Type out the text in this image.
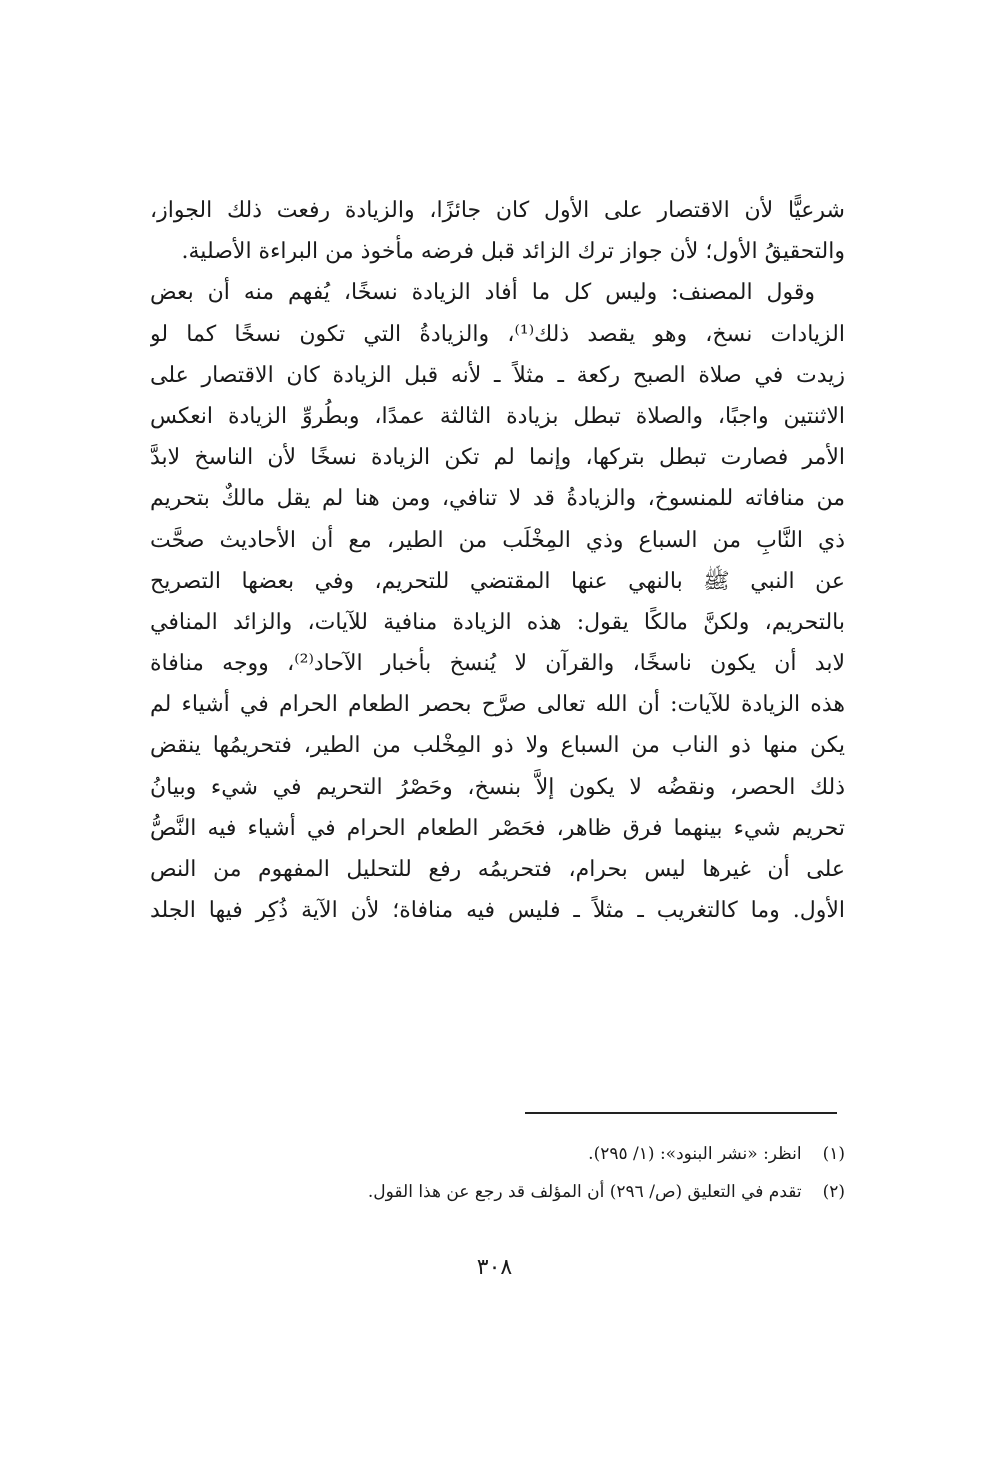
شرعيًّا لأن الاقتصار على الأول كان جائزًا، والزيادة رفعت ذلك الجواز،
والتحقيقُ الأول؛ لأن جواز ترك الزائد قبل فرضه مأخوذ من البراءة الأصلية.
وقول المصنف: وليس كل ما أفاد الزيادة نسخًا، يُفهم منه أن بعض
الزيادات نسخ، وهو يقصد ذلك⁽¹⁾، والزيادةُ التي تكون نسخًا كما لو
زيدت في صلاة الصبح ركعة ـ مثلاً ـ لأنه قبل الزيادة كان الاقتصار على
الاثنتين واجبًا، والصلاة تبطل بزيادة الثالثة عمدًا، وبطُروِّ الزيادة انعكس
الأمر فصارت تبطل بتركها، وإنما لم تكن الزيادة نسخًا لأن الناسخ لابدَّ
من منافاته للمنسوخ، والزيادةُ قد لا تنافي، ومن هنا لم يقل مالكٌ بتحريم
ذي النَّابِ من السباع وذي المِخْلَب من الطير، مع أن الأحاديث صحَّت
عن النبي ﷺ بالنهي عنها المقتضي للتحريم، وفي بعضها التصريح
بالتحريم، ولكنَّ مالكًا يقول: هذه الزيادة منافية للآيات، والزائد المنافي
لابد أن يكون ناسخًا، والقرآن لا يُنسخ بأخبار الآحاد⁽²⁾، ووجه منافاة
هذه الزيادة للآيات: أن الله تعالى صرَّح بحصر الطعام الحرام في أشياء لم
يكن منها ذو الناب من السباع ولا ذو المِخْلب من الطير، فتحريمُها ينقض
ذلك الحصر، ونقضُه لا يكون إلاَّ بنسخ، وحَصْرُ التحريم في شيء وبيانُ
تحريم شيء بينهما فرق ظاهر، فحَصْر الطعام الحرام في أشياء فيه النَّصُّ
على أن غيرها ليس بحرام، فتحريمُه رفع للتحليل المفهوم من النص
الأول. وما كالتغريب ـ مثلاً ـ فليس فيه منافاة؛ لأن الآية ذُكِر فيها الجلد
(١) انظر: «نشر البنود»: (١/ ٢٩٥).
(٢) تقدم في التعليق (ص/ ٢٩٦) أن المؤلف قد رجع عن هذا القول.
٣٠٨
